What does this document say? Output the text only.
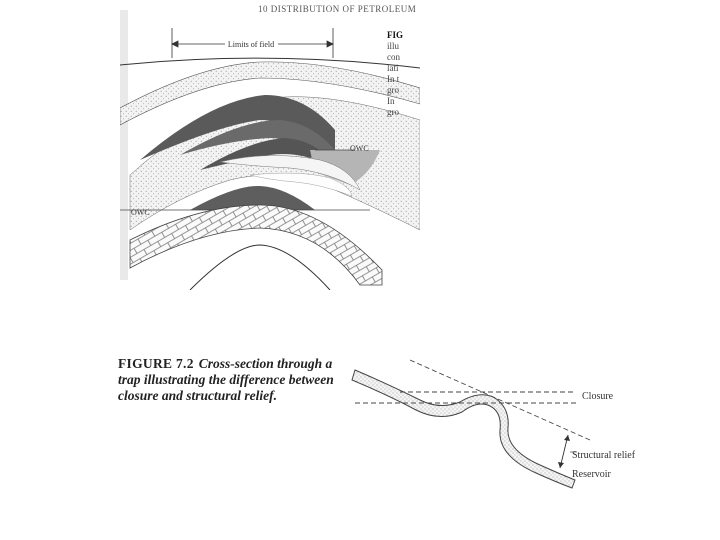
10 DISTRIBUTION OF PETROLEUM
Limits of field
OWC
OWC
FIG
illu
con
lati
In t
gro
In
gro
FIGURE 7.2 Cross-section through a trap illustrating the difference between closure and structural relief.	Closure
Structural relief
Reservoir
